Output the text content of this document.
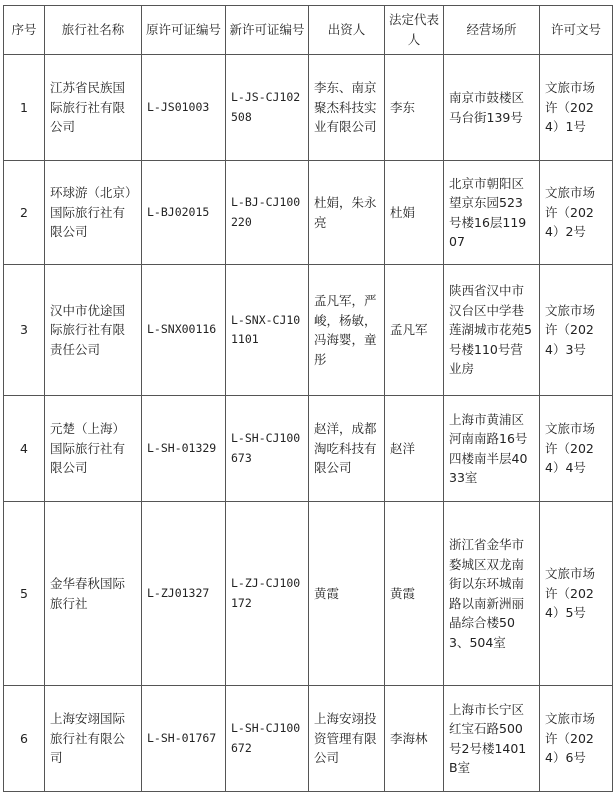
序号	旅行社名称	原许可证编号	新许可证编号	出资人	法定代表人	经营场所	许可文号
1	江苏省民族国际旅行社有限公司	L-JS01003	L-JS-CJ102508	李东、南京聚杰科技实业有限公司	李东	南京市鼓楼区马台街139号	文旅市场许（2024）1号
2	环球游（北京）国际旅行社有限公司	L-BJ02015	L-BJ-CJ100220	杜娟，朱永亮	杜娟	北京市朝阳区望京东园523号楼16层11907	文旅市场许（2024）2号
3	汉中市优途国际旅行社有限责任公司	L-SNX00116	L-SNX-CJ101101	孟凡军，严峻，杨敏，冯海婴，童彤	孟凡军	陕西省汉中市汉台区中学巷莲湖城市花苑5号楼110号营业房	文旅市场许（2024）3号
4	元楚（上海）国际旅行社有限公司	L-SH-01329	L-SH-CJ100673	赵洋，成都淘吃科技有限公司	赵洋	上海市黄浦区河南南路16号四楼南半层4033室	文旅市场许（2024）4号
5	金华春秋国际旅行社	L-ZJ01327	L-ZJ-CJ100172	黄霞	黄霞	浙江省金华市婺城区双龙南街以东环城南路以南新洲丽晶综合楼503、504室	文旅市场许（2024）5号
6	上海安翊国际旅行社有限公司	L-SH-01767	L-SH-CJ100672	上海安翊投资管理有限公司	李海林	上海市长宁区红宝石路500号2号楼1401B室	文旅市场许（2024）6号
